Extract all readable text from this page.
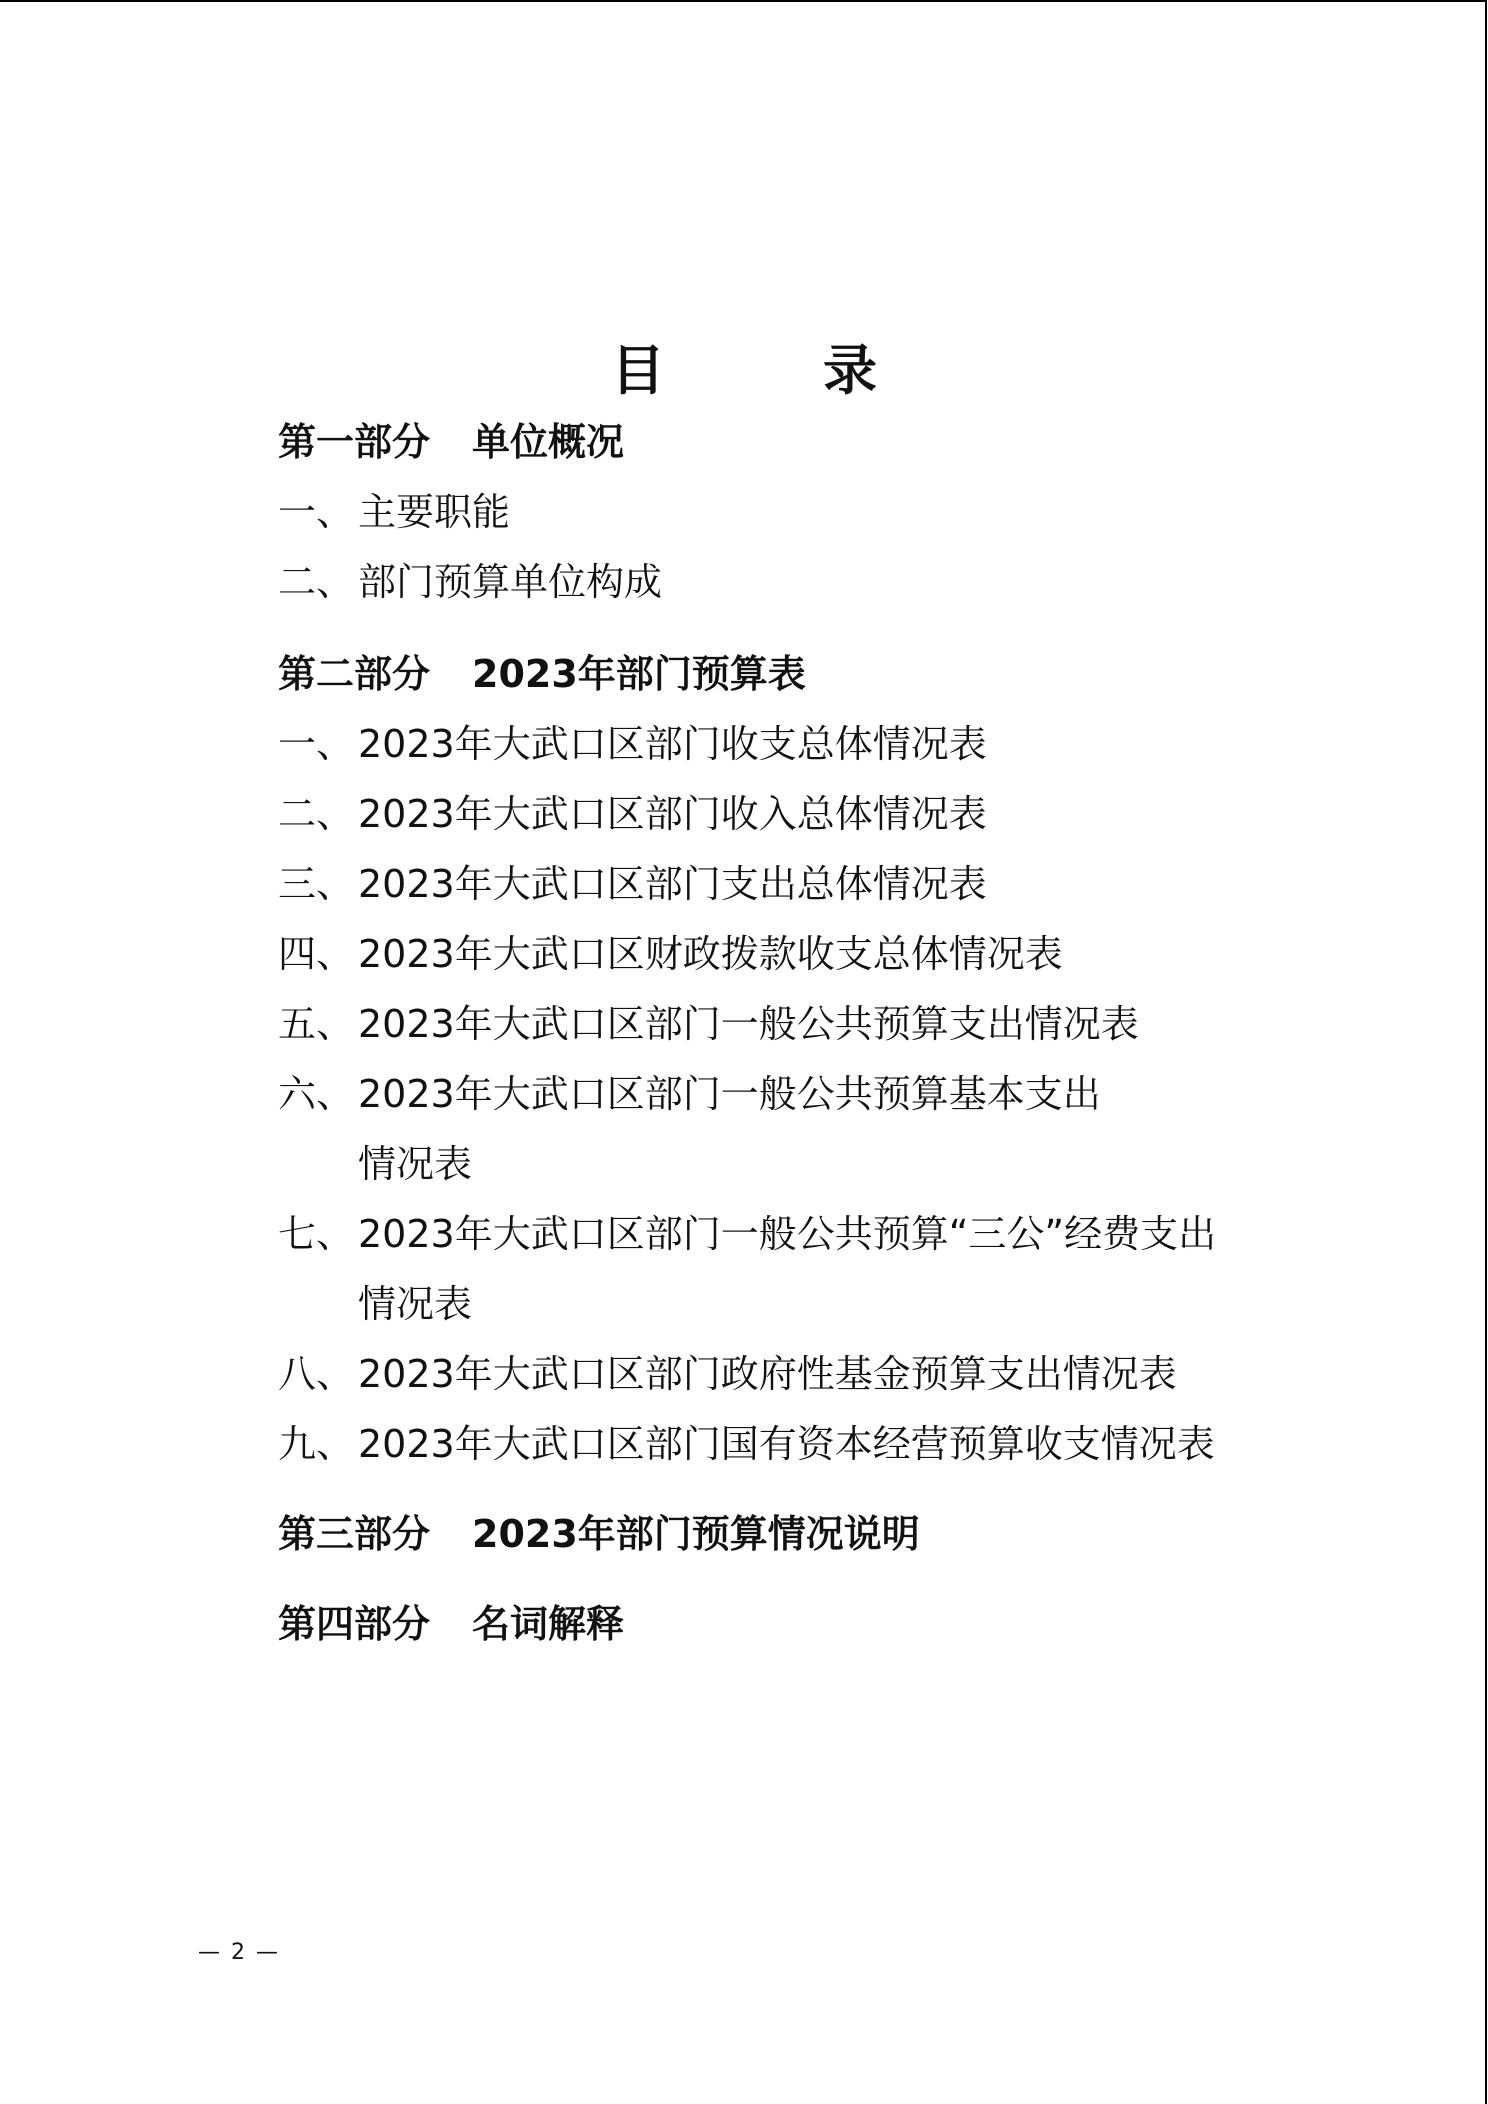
目　录
第一部分 单位概况
一、 主要职能
二、 部门预算单位构成
第二部分 2023年部门预算表
一、 2023年大武口区部门收支总体情况表
二、 2023年大武口区部门收入总体情况表
三、 2023年大武口区部门支出总体情况表
四、 2023年大武口区财政拨款收支总体情况表
五、 2023年大武口区部门一般公共预算支出情况表
六、 2023年大武口区部门一般公共预算基本支出
情况表
七、 2023年大武口区部门一般公共预算“三公”经费支出
情况表
八、 2023年大武口区部门政府性基金预算支出情况表
九、 2023年大武口区部门国有资本经营预算收支情况表
第三部分 2023年部门预算情况说明
第四部分 名词解释
— 2 —
